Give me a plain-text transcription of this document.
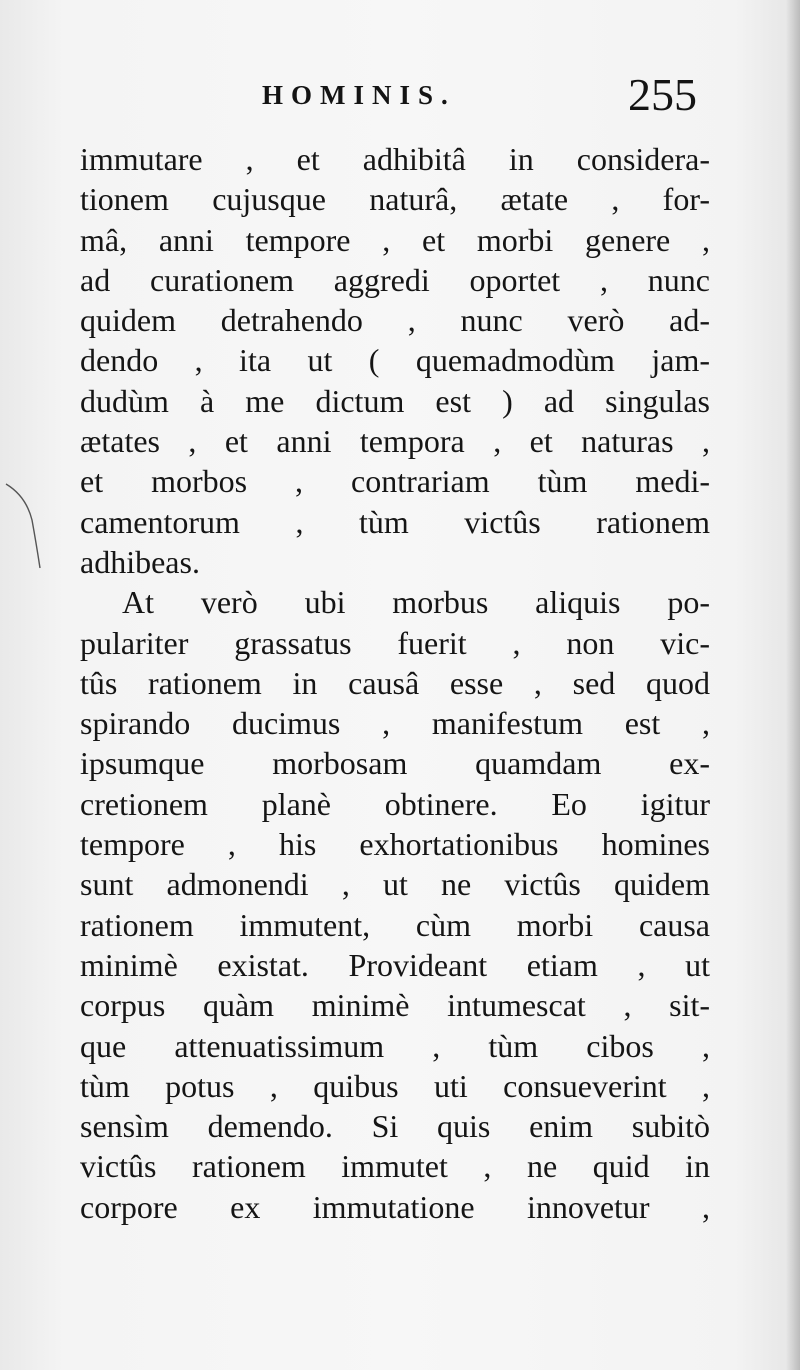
HOMINIS.	255
immutare , et adhibitâ in considera-
tionem cujusque naturâ, ætate , for-
mâ, anni tempore , et morbi genere ,
ad curationem aggredi oportet , nunc
quidem detrahendo , nunc verò ad-
dendo , ita ut ( quemadmodùm jam-
dudùm à me dictum est ) ad singulas
ætates , et anni tempora , et naturas ,
et morbos , contrariam tùm medi-
camentorum , tùm victûs rationem
adhibeas.
At verò ubi morbus aliquis po-
pulariter grassatus fuerit , non vic-
tûs rationem in causâ esse , sed quod
spirando ducimus , manifestum est ,
ipsumque morbosam quamdam ex-
cretionem planè obtinere. Eo igitur
tempore , his exhortationibus homines
sunt admonendi , ut ne victûs quidem
rationem immutent, cùm morbi causa
minimè existat. Provideant etiam , ut
corpus quàm minimè intumescat , sit-
que attenuatissimum , tùm cibos ,
tùm potus , quibus uti consueverint ,
sensìm demendo. Si quis enim subitò
victûs rationem immutet , ne quid in
corpore ex immutatione innovetur ,
